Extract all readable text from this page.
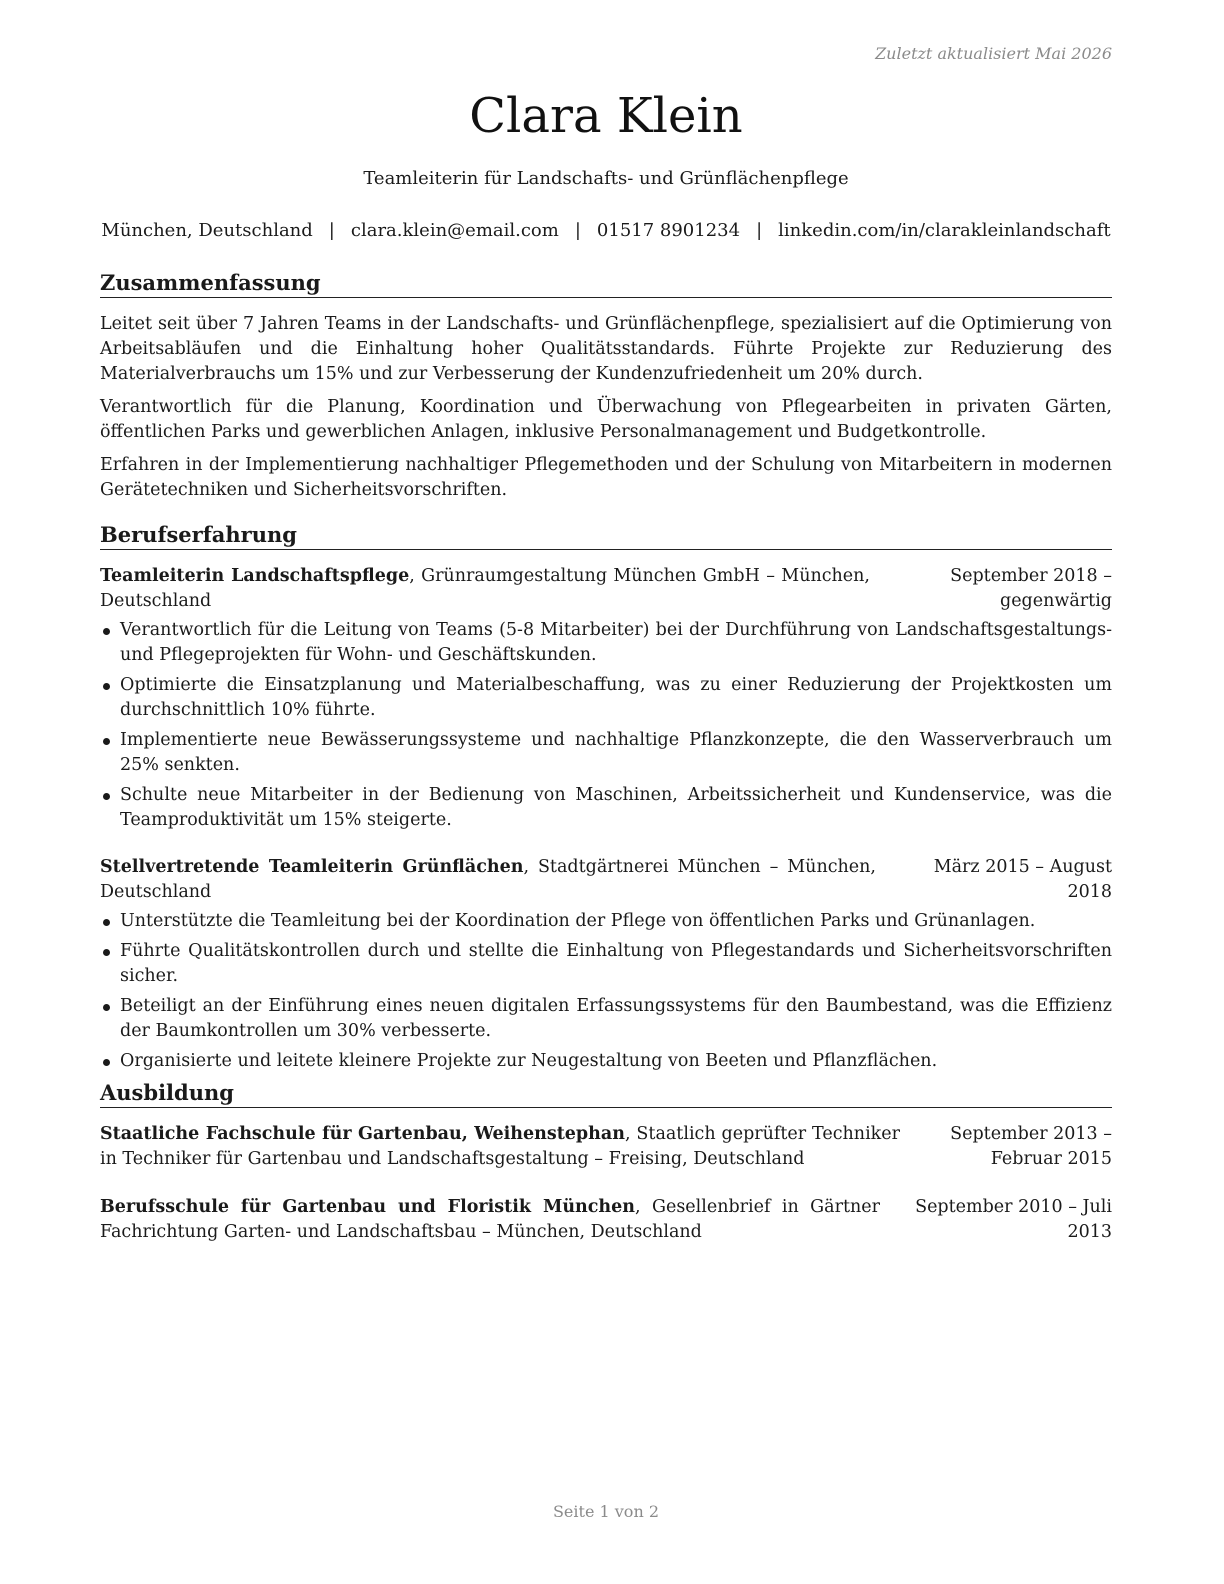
Zuletzt aktualisiert Mai 2026
Clara Klein
Teamleiterin für Landschafts- und Grünflächenpflege
München, Deutschland | clara.klein@email.com | 01517 8901234 | linkedin.com/in/clarakleinlandschaft
Zusammenfassung

Leitet seit über 7 Jahren Teams in der Landschafts- und Grünflächenpflege, spezialisiert auf die Optimierung von Arbeitsabläufen und die Einhaltung hoher Qualitätsstandards. Führte Projekte zur Reduzierung des Materialverbrauchs um 15% und zur Verbesserung der Kundenzufriedenheit um 20% durch.

Verantwortlich für die Planung, Koordination und Überwachung von Pflegearbeiten in privaten Gärten, öffentlichen Parks und gewerblichen Anlagen, inklusive Personalmanagement und Budgetkontrolle.

Erfahren in der Implementierung nachhaltiger Pflegemethoden und der Schulung von Mitarbeitern in modernen Gerätetechniken und Sicherheitsvorschriften.

Berufserfahrung
Teamleiterin Landschaftspflege, Grünraumgestaltung München GmbH – München, Deutschland
September 2018 – gegenwärtig
Verantwortlich für die Leitung von Teams (5-8 Mitarbeiter) bei der Durchführung von Landschaftsgestaltungs- und Pflegeprojekten für Wohn- und Geschäftskunden.
Optimierte die Einsatzplanung und Materialbeschaffung, was zu einer Reduzierung der Projektkosten um durchschnittlich 10% führte.
Implementierte neue Bewässerungssysteme und nachhaltige Pflanzkonzepte, die den Wasserverbrauch um 25% senkten.
Schulte neue Mitarbeiter in der Bedienung von Maschinen, Arbeitssicherheit und Kundenservice, was die Teamproduktivität um 15% steigerte.
Stellvertretende Teamleiterin Grünflächen, Stadtgärtnerei München – München, Deutschland
März 2015 – August 2018
Unterstützte die Teamleitung bei der Koordination der Pflege von öffentlichen Parks und Grünanlagen.
Führte Qualitätskontrollen durch und stellte die Einhaltung von Pflegestandards und Sicherheitsvorschriften sicher.
Beteiligt an der Einführung eines neuen digitalen Erfassungssystems für den Baumbestand, was die Effizienz der Baumkontrollen um 30% verbesserte.
Organisierte und leitete kleinere Projekte zur Neugestaltung von Beeten und Pflanzflächen.
Ausbildung
Staatliche Fachschule für Gartenbau, Weihenstephan, Staatlich geprüfter Techniker in Techniker für Gartenbau und Landschaftsgestaltung – Freising, Deutschland
September 2013 – Februar 2015
Berufsschule für Gartenbau und Floristik München, Gesellenbrief in Gärtner Fachrichtung Garten- und Landschaftsbau – München, Deutschland
September 2010 – Juli 2013
Seite 1 von 2
